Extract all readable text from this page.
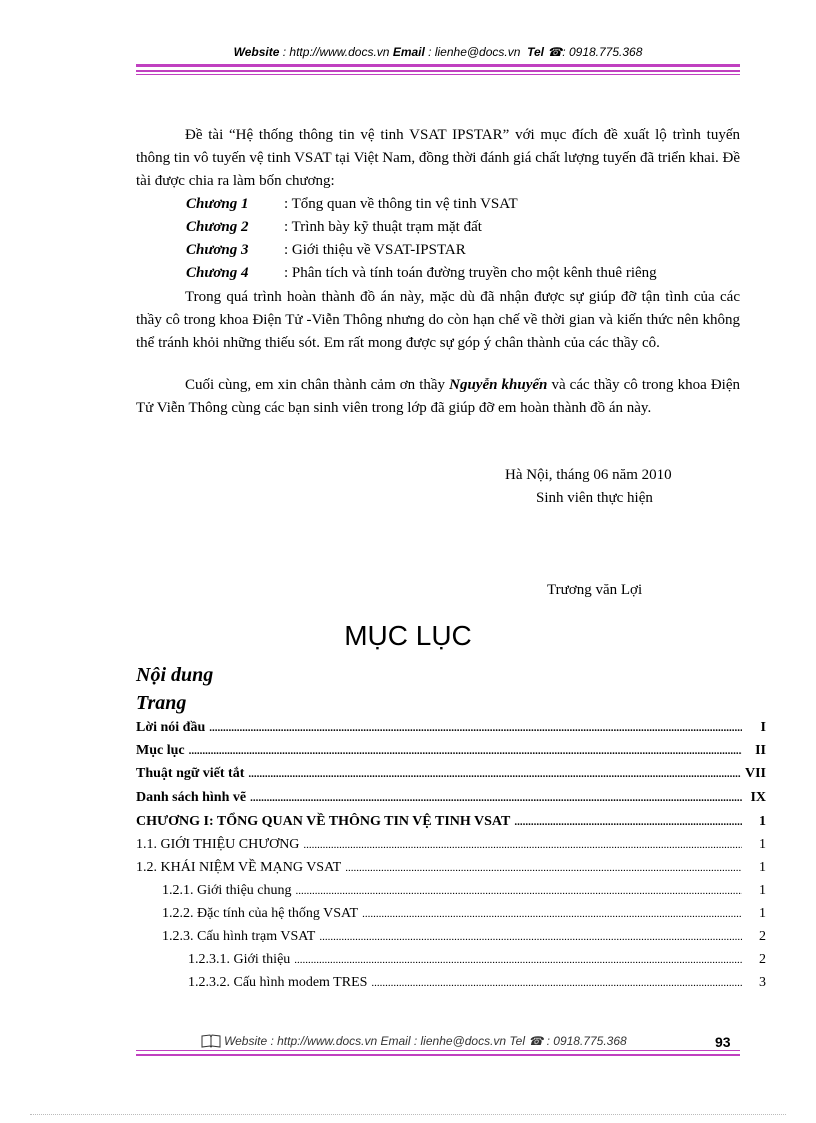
Website : http://www.docs.vn Email : lienhe@docs.vn Tel ☎: 0918.775.368
Đề tài “Hệ thống thông tin vệ tinh VSAT IPSTAR” với mục đích đề xuất lộ trình tuyến thông tin vô tuyến vệ tinh VSAT tại Việt Nam, đồng thời đánh giá chất lượng tuyến đã triển khai. Đề tài được chia ra làm bốn chương:
Chương 1 : Tổng quan về thông tin vệ tinh VSAT
Chương 2 : Trình bày kỹ thuật trạm mặt đất
Chương 3 : Giới thiệu về VSAT-IPSTAR
Chương 4 : Phân tích và tính toán đường truyền cho một kênh thuê riêng
Trong quá trình hoàn thành đồ án này, mặc dù đã nhận được sự giúp đỡ tận tình của các thầy cô trong khoa Điện Tử -Viễn Thông nhưng do còn hạn chế về thời gian và kiến thức nên không thể tránh khỏi những thiếu sót. Em rất mong được sự góp ý chân thành của các thầy cô.
Cuối cùng, em xin chân thành cảm ơn thầy Nguyễn khuyến và các thầy cô trong khoa Điện Tử Viễn Thông cùng các bạn sinh viên trong lớp đã giúp đỡ em hoàn thành đồ án này.
Hà Nội, tháng 06 năm 2010
Sinh viên thực hiện
Trương văn Lợi
MỤC LỤC
Nội dung
Trang
Lời nói đầu .....	I
Mục lục .....	II
Thuật ngữ viết tắt .....	VII
Danh sách hình vẽ .....	IX
CHƯƠNG I: TỔNG QUAN VỀ THÔNG TIN VỆ TINH VSAT .....	1
1.1. GIỚI THIỆU CHƯƠNG .....	1
1.2. KHÁI NIỆM VỀ MẠNG VSAT .....	1
1.2.1. Giới thiệu chung .....	1
1.2.2. Đặc tính của hệ thống VSAT .....	1
1.2.3. Cấu hình trạm VSAT .....	2
1.2.3.1. Giới thiệu .....	2
1.2.3.2. Cấu hình modem TRES .....	3
Website : http://www.docs.vn Email : lienhe@docs.vn Tel ☎ : 0918.775.368	93
